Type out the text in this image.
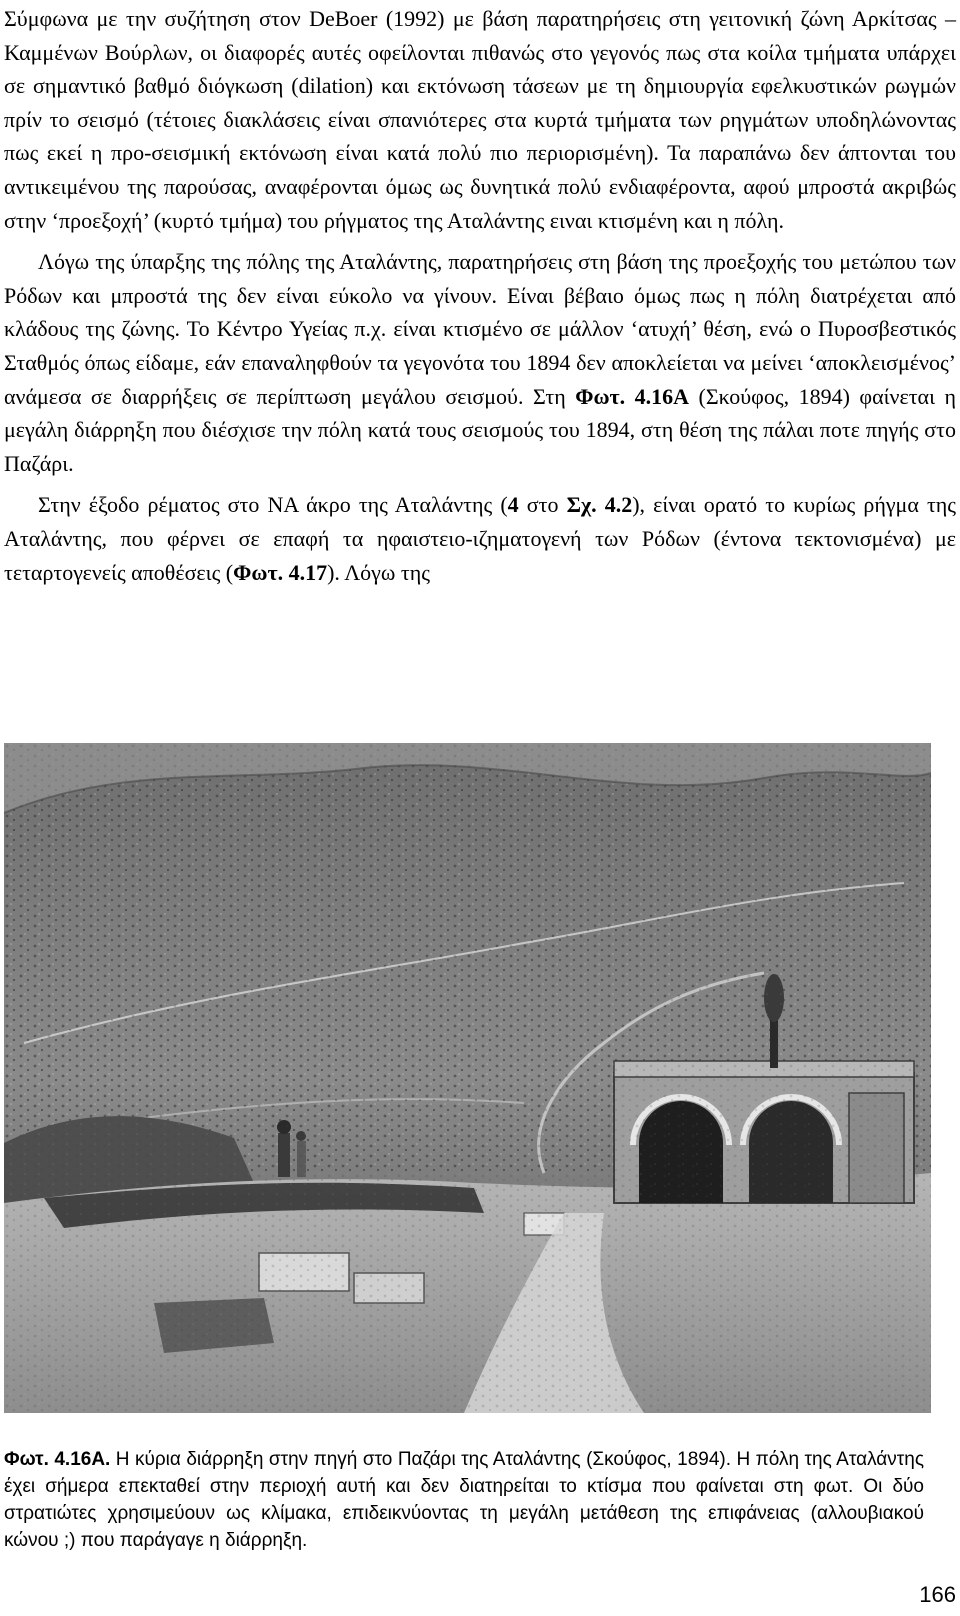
Σύμφωνα με την συζήτηση στον DeBoer (1992) με βάση παρατηρήσεις στη γειτονική ζώνη Αρκίτσας – Καμμένων Βούρλων, οι διαφορές αυτές οφείλονται πιθανώς στο γεγονός πως στα κοίλα τμήματα υπάρχει σε σημαντικό βαθμό διόγκωση (dilation) και εκτόνωση τάσεων με τη δημιουργία εφελκυστικών ρωγμών πρίν το σεισμό (τέτοιες διακλάσεις είναι σπανιότερες στα κυρτά τμήματα των ρηγμάτων υποδηλώνοντας πως εκεί η προ-σεισμική εκτόνωση είναι κατά πολύ πιο περιορισμένη). Τα παραπάνω δεν άπτονται του αντικειμένου της παρούσας, αναφέρονται όμως ως δυνητικά πολύ ενδιαφέροντα, αφού μπροστά ακριβώς στην ‘προεξοχή’ (κυρτό τμήμα) του ρήγματος της Αταλάντης ειναι κτισμένη και η πόλη.

Λόγω της ύπαρξης της πόλης της Αταλάντης, παρατηρήσεις στη βάση της προεξοχής του μετώπου των Ρόδων και μπροστά της δεν είναι εύκολο να γίνουν. Είναι βέβαιο όμως πως η πόλη διατρέχεται από κλάδους της ζώνης. Το Κέντρο Υγείας π.χ. είναι κτισμένο σε μάλλον ‘ατυχή’ θέση, ενώ ο Πυροσβεστικός Σταθμός όπως είδαμε, εάν επαναληφθούν τα γεγονότα του 1894 δεν αποκλείεται να μείνει ‘αποκλεισμένος’ ανάμεσα σε διαρρήξεις σε περίπτωση μεγάλου σεισμού. Στη Φωτ. 4.16Α (Σκούφος, 1894) φαίνεται η μεγάλη διάρρηξη που διέσχισε την πόλη κατά τους σεισμούς του 1894, στη θέση της πάλαι ποτε πηγής στο Παζάρι.

Στην έξοδο ρέματος στο ΝΑ άκρο της Αταλάντης (4 στο Σχ. 4.2), είναι ορατό το κυρίως ρήγμα της Αταλάντης, που φέρνει σε επαφή τα ηφαιστειο-ιζηματογενή των Ρόδων (έντονα τεκτονισμένα) με τεταρτογενείς αποθέσεις (Φωτ. 4.17). Λόγω της

Φωτ. 4.16Α. Η κύρια διάρρηξη στην πηγή στο Παζάρι της Αταλάντης (Σκούφος, 1894). Η πόλη της Αταλάντης έχει σήμερα επεκταθεί στην περιοχή αυτή και δεν διατηρείται το κτίσμα που φαίνεται στη φωτ. Οι δύο στρατιώτες χρησιμεύουν ως κλίμακα, επιδεικνύοντας τη μεγάλη μετάθεση της επιφάνειας (αλλουβιακού κώνου ;) που παράγαγε η διάρρηξη.
166
